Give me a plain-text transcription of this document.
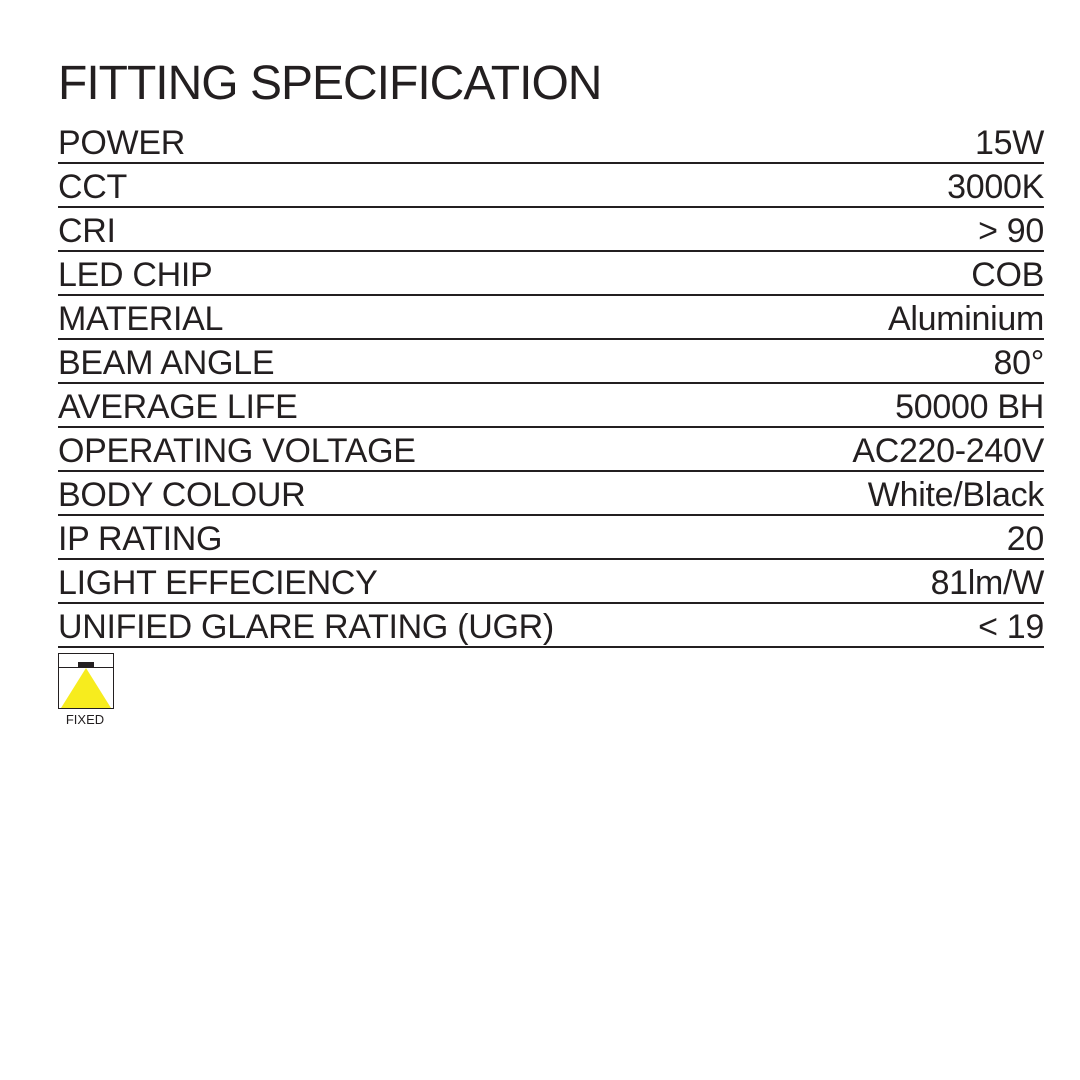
FITTING SPECIFICATION
POWER	15W
CCT	3000K
CRI	> 90
LED CHIP	COB
MATERIAL	Aluminium
BEAM ANGLE	80°
AVERAGE LIFE	50000 BH
OPERATING VOLTAGE	AC220-240V
BODY COLOUR	White/Black
IP RATING	20
LIGHT EFFECIENCY	81lm/W
UNIFIED GLARE RATING (UGR)	< 19
FIXED
